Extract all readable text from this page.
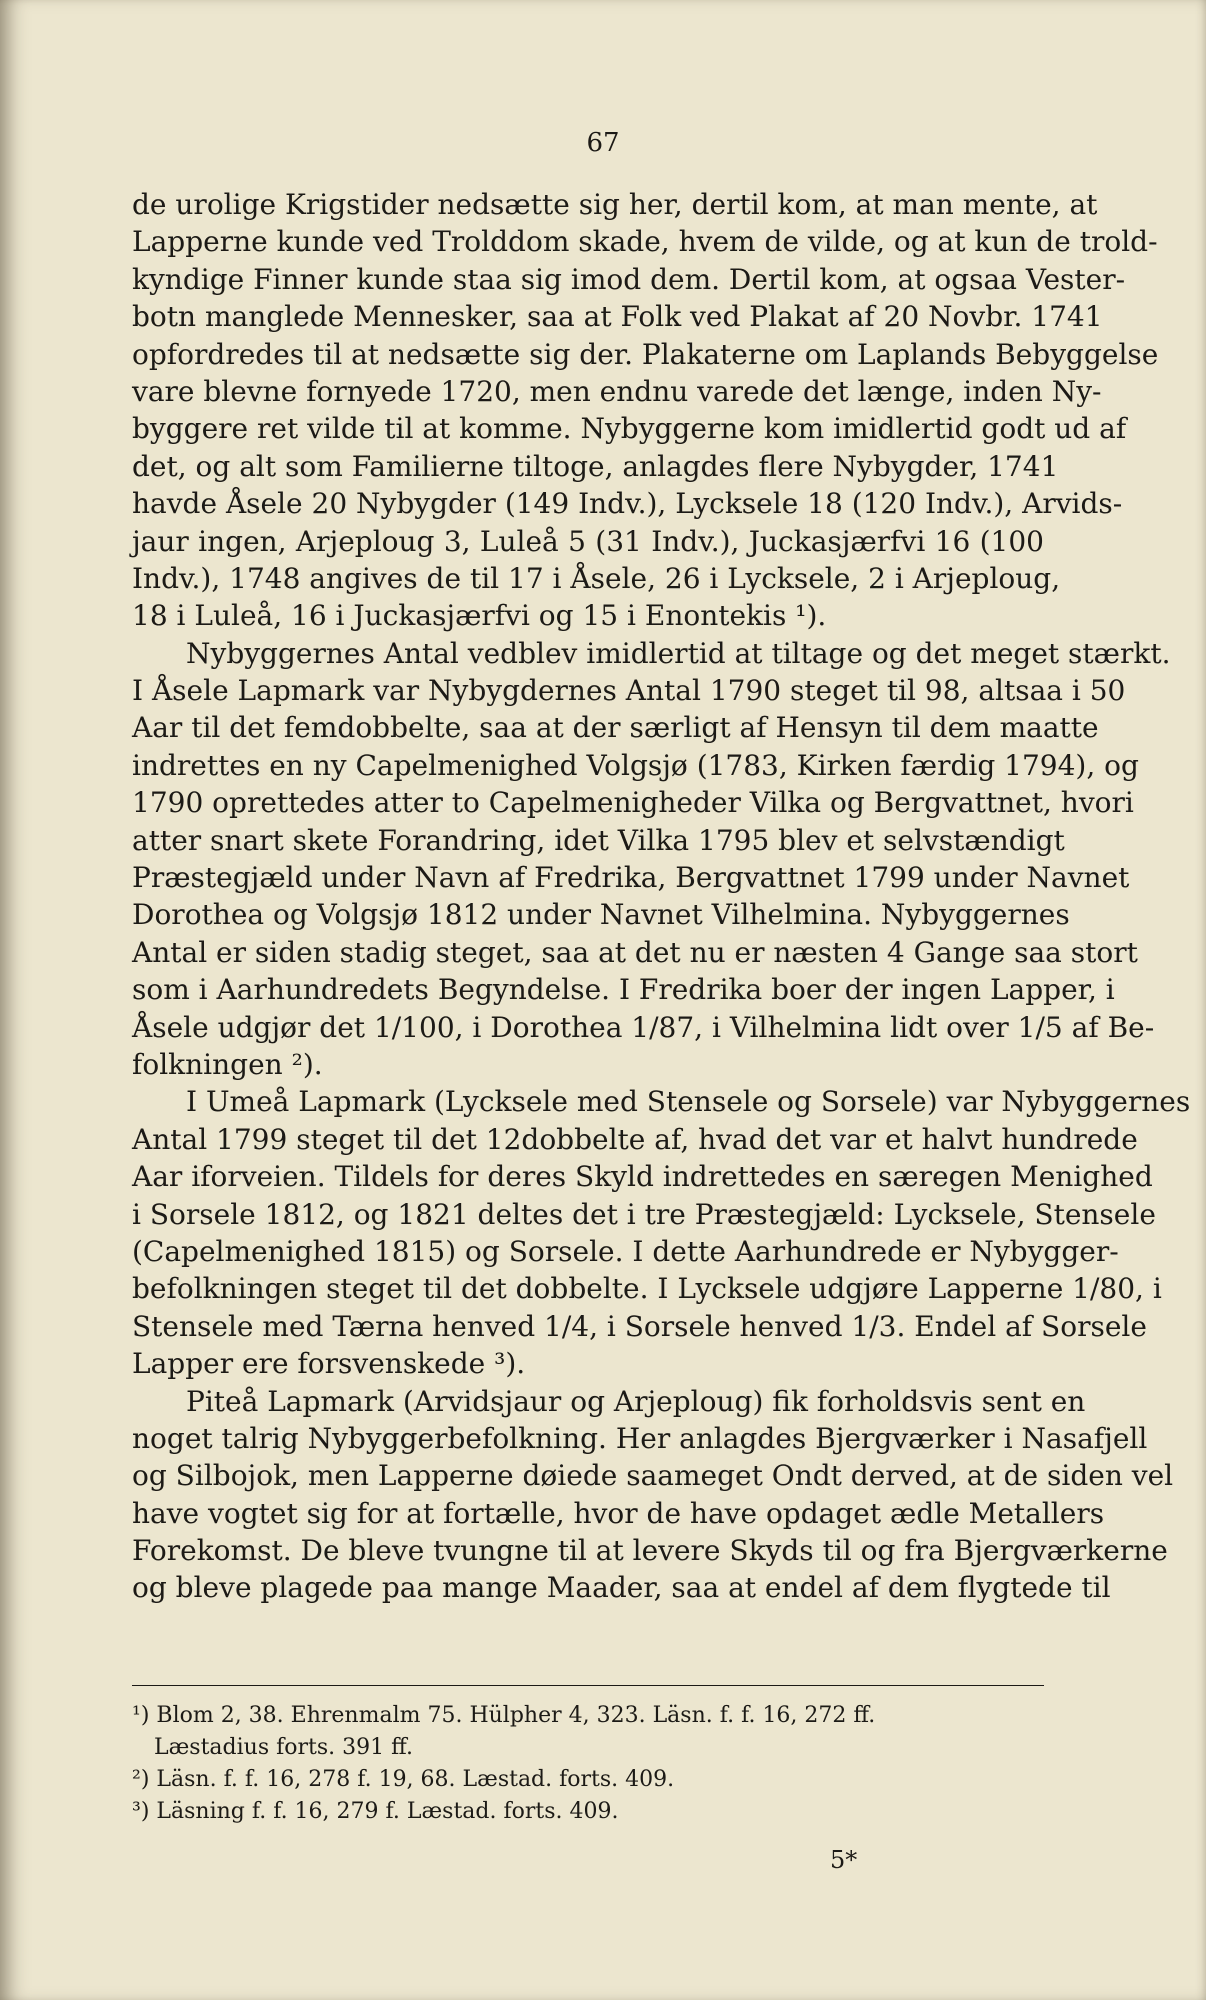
67
de urolige Krigstider nedsætte sig her, dertil kom, at man mente, at
Lapperne kunde ved Trolddom skade, hvem de vilde, og at kun de trold-
kyndige Finner kunde staa sig imod dem. Dertil kom, at ogsaa Vester-
botn manglede Mennesker, saa at Folk ved Plakat af 20 Novbr. 1741
opfordredes til at nedsætte sig der. Plakaterne om Laplands Bebyggelse
vare blevne fornyede 1720, men endnu varede det længe, inden Ny-
byggere ret vilde til at komme. Nybyggerne kom imidlertid godt ud af
det, og alt som Familierne tiltoge, anlagdes flere Nybygder, 1741
havde Åsele 20 Nybygder (149 Indv.), Lycksele 18 (120 Indv.), Arvids-
jaur ingen, Arjeploug 3, Luleå 5 (31 Indv.), Juckasjærfvi 16 (100
Indv.), 1748 angives de til 17 i Åsele, 26 i Lycksele, 2 i Arjeploug,
18 i Luleå, 16 i Juckasjærfvi og 15 i Enontekis ¹).
Nybyggernes Antal vedblev imidlertid at tiltage og det meget stærkt.
I Åsele Lapmark var Nybygdernes Antal 1790 steget til 98, altsaa i 50
Aar til det femdobbelte, saa at der særligt af Hensyn til dem maatte
indrettes en ny Capelmenighed Volgsjø (1783, Kirken færdig 1794), og
1790 oprettedes atter to Capelmenigheder Vilka og Bergvattnet, hvori
atter snart skete Forandring, idet Vilka 1795 blev et selvstændigt
Præstegjæld under Navn af Fredrika, Bergvattnet 1799 under Navnet
Dorothea og Volgsjø 1812 under Navnet Vilhelmina. Nybyggernes
Antal er siden stadig steget, saa at det nu er næsten 4 Gange saa stort
som i Aarhundredets Begyndelse. I Fredrika boer der ingen Lapper, i
Åsele udgjør det 1/100, i Dorothea 1/87, i Vilhelmina lidt over 1/5 af Be-
folkningen ²).
I Umeå Lapmark (Lycksele med Stensele og Sorsele) var Nybyggernes
Antal 1799 steget til det 12dobbelte af, hvad det var et halvt hundrede
Aar iforveien. Tildels for deres Skyld indrettedes en særegen Menighed
i Sorsele 1812, og 1821 deltes det i tre Præstegjæld: Lycksele, Stensele
(Capelmenighed 1815) og Sorsele. I dette Aarhundrede er Nybygger-
befolkningen steget til det dobbelte. I Lycksele udgjøre Lapperne 1/80, i
Stensele med Tærna henved 1/4, i Sorsele henved 1/3. Endel af Sorsele
Lapper ere forsvenskede ³).
Piteå Lapmark (Arvidsjaur og Arjeploug) fik forholdsvis sent en
noget talrig Nybyggerbefolkning. Her anlagdes Bjergværker i Nasafjell
og Silbojok, men Lapperne døiede saameget Ondt derved, at de siden vel
have vogtet sig for at fortælle, hvor de have opdaget ædle Metallers
Forekomst. De bleve tvungne til at levere Skyds til og fra Bjergværkerne
og bleve plagede paa mange Maader, saa at endel af dem flygtede til
¹) Blom 2, 38. Ehrenmalm 75. Hülpher 4, 323. Läsn. f. f. 16, 272 ff.
Læstadius forts. 391 ff.
²) Läsn. f. f. 16, 278 f. 19, 68. Læstad. forts. 409.
³) Läsning f. f. 16, 279 f. Læstad. forts. 409.
5*
